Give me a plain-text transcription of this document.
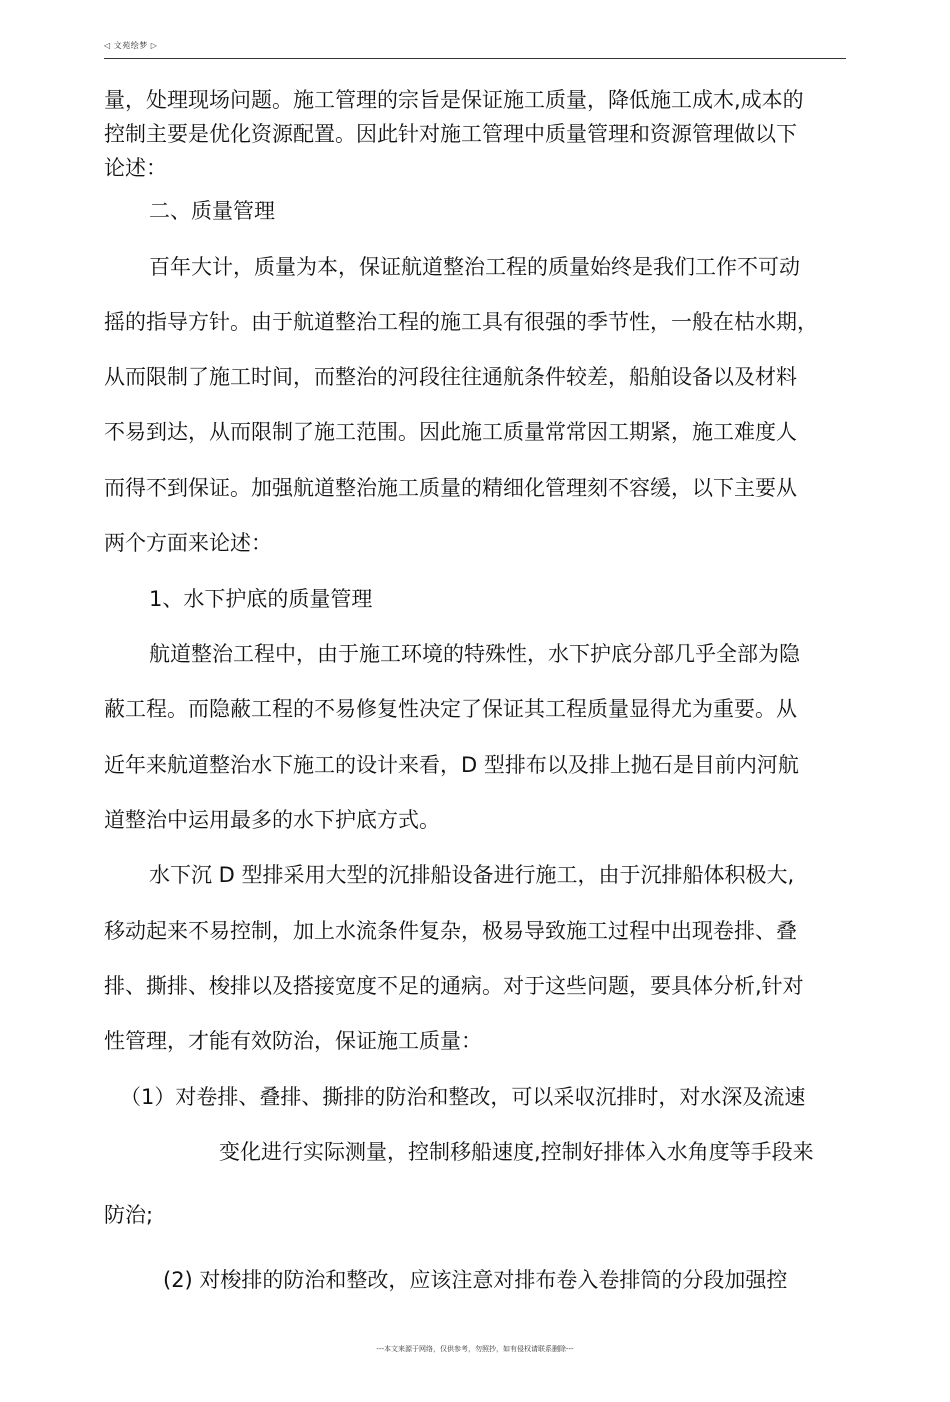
◁ 文苑绘梦 ▷
量，处理现场问题。施工管理的宗旨是保证施工质量，降低施工成木,成本的
控制主要是优化资源配置。因此针对施工管理中质量管理和资源管理做以下
论述：
二、质量管理
百年大计，质量为本，保证航道整治工程的质量始终是我们工作不可动
摇的指导方针。由于航道整治工程的施工具有很强的季节性，一般在枯水期，
从而限制了施工时间，而整治的河段往往通航条件较差，船舶设备以及材料
不易到达，从而限制了施工范围。因此施工质量常常因工期紧，施工难度人
而得不到保证。加强航道整治施工质量的精细化管理刻不容缓，以下主要从
两个方面来论述：
1、水下护底的质量管理
航道整治工程中，由于施工环境的特殊性，水下护底分部几乎全部为隐
蔽工程。而隐蔽工程的不易修复性决定了保证其工程质量显得尤为重要。从
近年来航道整治水下施工的设计来看，D 型排布以及排上抛石是目前内河航
道整治中运用最多的水下护底方式。
水下沉 D 型排采用大型的沉排船设备进行施工，由于沉排船体积极大,
移动起来不易控制，加上水流条件复杂，极易导致施工过程中出现卷排、叠
排、撕排、梭排以及搭接宽度不足的通病。对于这些问题，要具体分析,针对
性管理，才能有效防治，保证施工质量：
（1）对卷排、叠排、撕排的防治和整改，可以采収沉排时，对水深及流速
变化进行实际测量，控制移船速度,控制好排体入水角度等手段来
防治;
(2) 对梭排的防治和整改，应该注意对排布卷入卷排筒的分段加强控
---本文来源于网络，仅供参考，勿照抄，如有侵权请联系删除---
